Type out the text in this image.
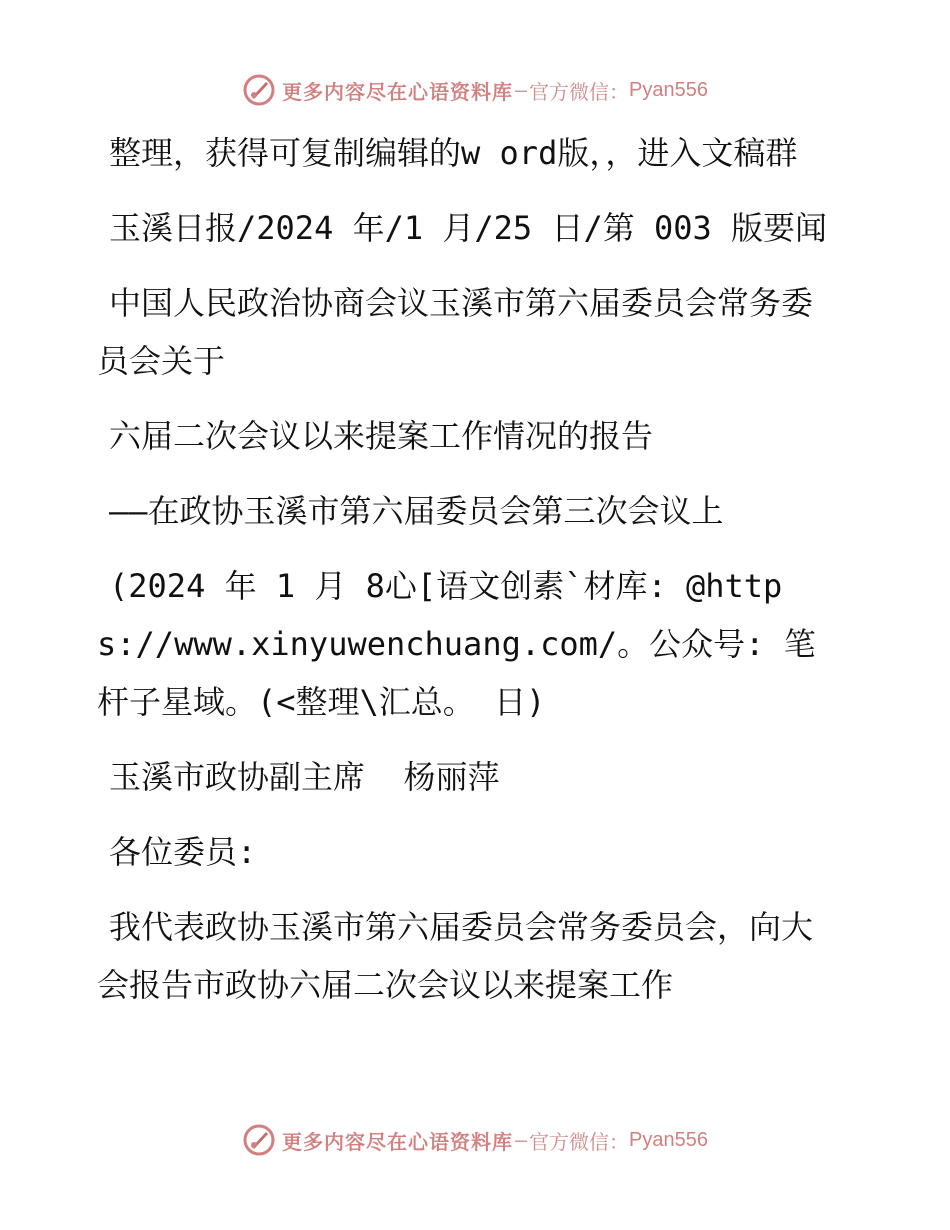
更多内容尽在心语资料库 — 官方微信： Pyan556

整理，获得可复制编辑的w ord版，，进入文稿群

玉溪日报/2024 年/1 月/25 日/第 003 版要闻

中国人民政治协商会议玉溪市第六届委员会常务委员会关于

六届二次会议以来提案工作情况的报告

——在政协玉溪市第六届委员会第三次会议上

(2024 年 1 月 8心[语文创素`材库: @https://www.xinyuwenchuang.com/。公众号: 笔杆子星域。(<整理\汇总。 日)

玉溪市政协副主席  杨丽萍

各位委员:

我代表政协玉溪市第六届委员会常务委员会，向大会报告市政协六届二次会议以来提案工作

更多内容尽在心语资料库 — 官方微信： Pyan556
